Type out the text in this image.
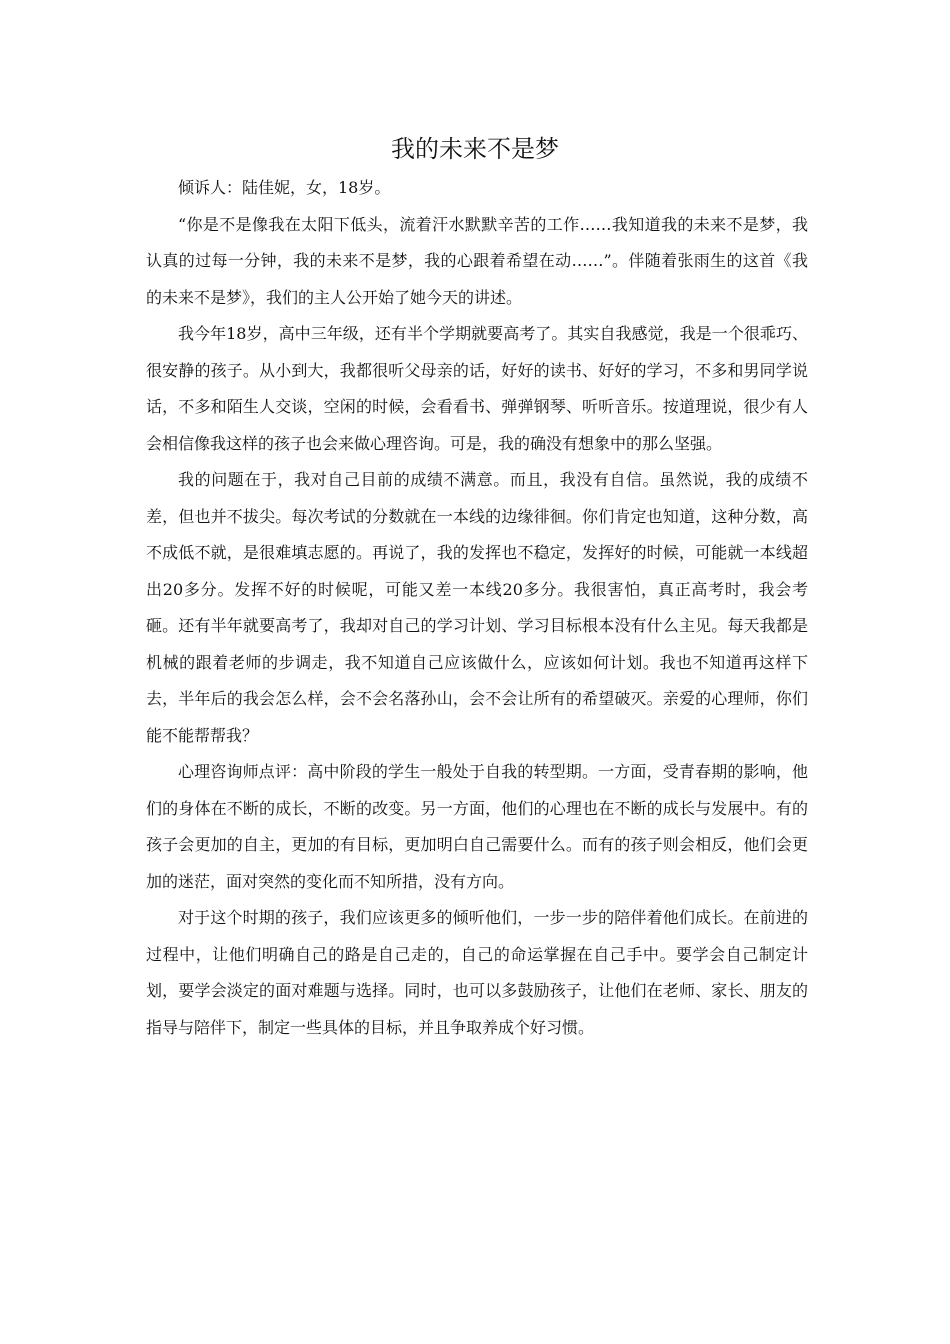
我的未来不是梦

倾诉人：陆佳妮，女，18岁。

“你是不是像我在太阳下低头，流着汗水默默辛苦的工作……我知道我的未来不是梦，我认真的过每一分钟，我的未来不是梦，我的心跟着希望在动……”。伴随着张雨生的这首《我的未来不是梦》，我们的主人公开始了她今天的讲述。

我今年18岁，高中三年级，还有半个学期就要高考了。其实自我感觉，我是一个很乖巧、很安静的孩子。从小到大，我都很听父母亲的话，好好的读书、好好的学习，不多和男同学说话，不多和陌生人交谈，空闲的时候，会看看书、弹弹钢琴、听听音乐。按道理说，很少有人会相信像我这样的孩子也会来做心理咨询。可是，我的确没有想象中的那么坚强。

我的问题在于，我对自己目前的成绩不满意。而且，我没有自信。虽然说，我的成绩不差，但也并不拔尖。每次考试的分数就在一本线的边缘徘徊。你们肯定也知道，这种分数，高不成低不就，是很难填志愿的。再说了，我的发挥也不稳定，发挥好的时候，可能就一本线超出20多分。发挥不好的时候呢，可能又差一本线20多分。我很害怕，真正高考时，我会考砸。还有半年就要高考了，我却对自己的学习计划、学习目标根本没有什么主见。每天我都是机械的跟着老师的步调走，我不知道自己应该做什么，应该如何计划。我也不知道再这样下去，半年后的我会怎么样，会不会名落孙山，会不会让所有的希望破灭。亲爱的心理师，你们能不能帮帮我？

心理咨询师点评：高中阶段的学生一般处于自我的转型期。一方面，受青春期的影响，他们的身体在不断的成长，不断的改变。另一方面，他们的心理也在不断的成长与发展中。有的孩子会更加的自主，更加的有目标，更加明白自己需要什么。而有的孩子则会相反，他们会更加的迷茫，面对突然的变化而不知所措，没有方向。

对于这个时期的孩子，我们应该更多的倾听他们，一步一步的陪伴着他们成长。在前进的过程中，让他们明确自己的路是自己走的，自己的命运掌握在自己手中。要学会自己制定计划，要学会淡定的面对难题与选择。同时，也可以多鼓励孩子，让他们在老师、家长、朋友的指导与陪伴下，制定一些具体的目标，并且争取养成个好习惯。
